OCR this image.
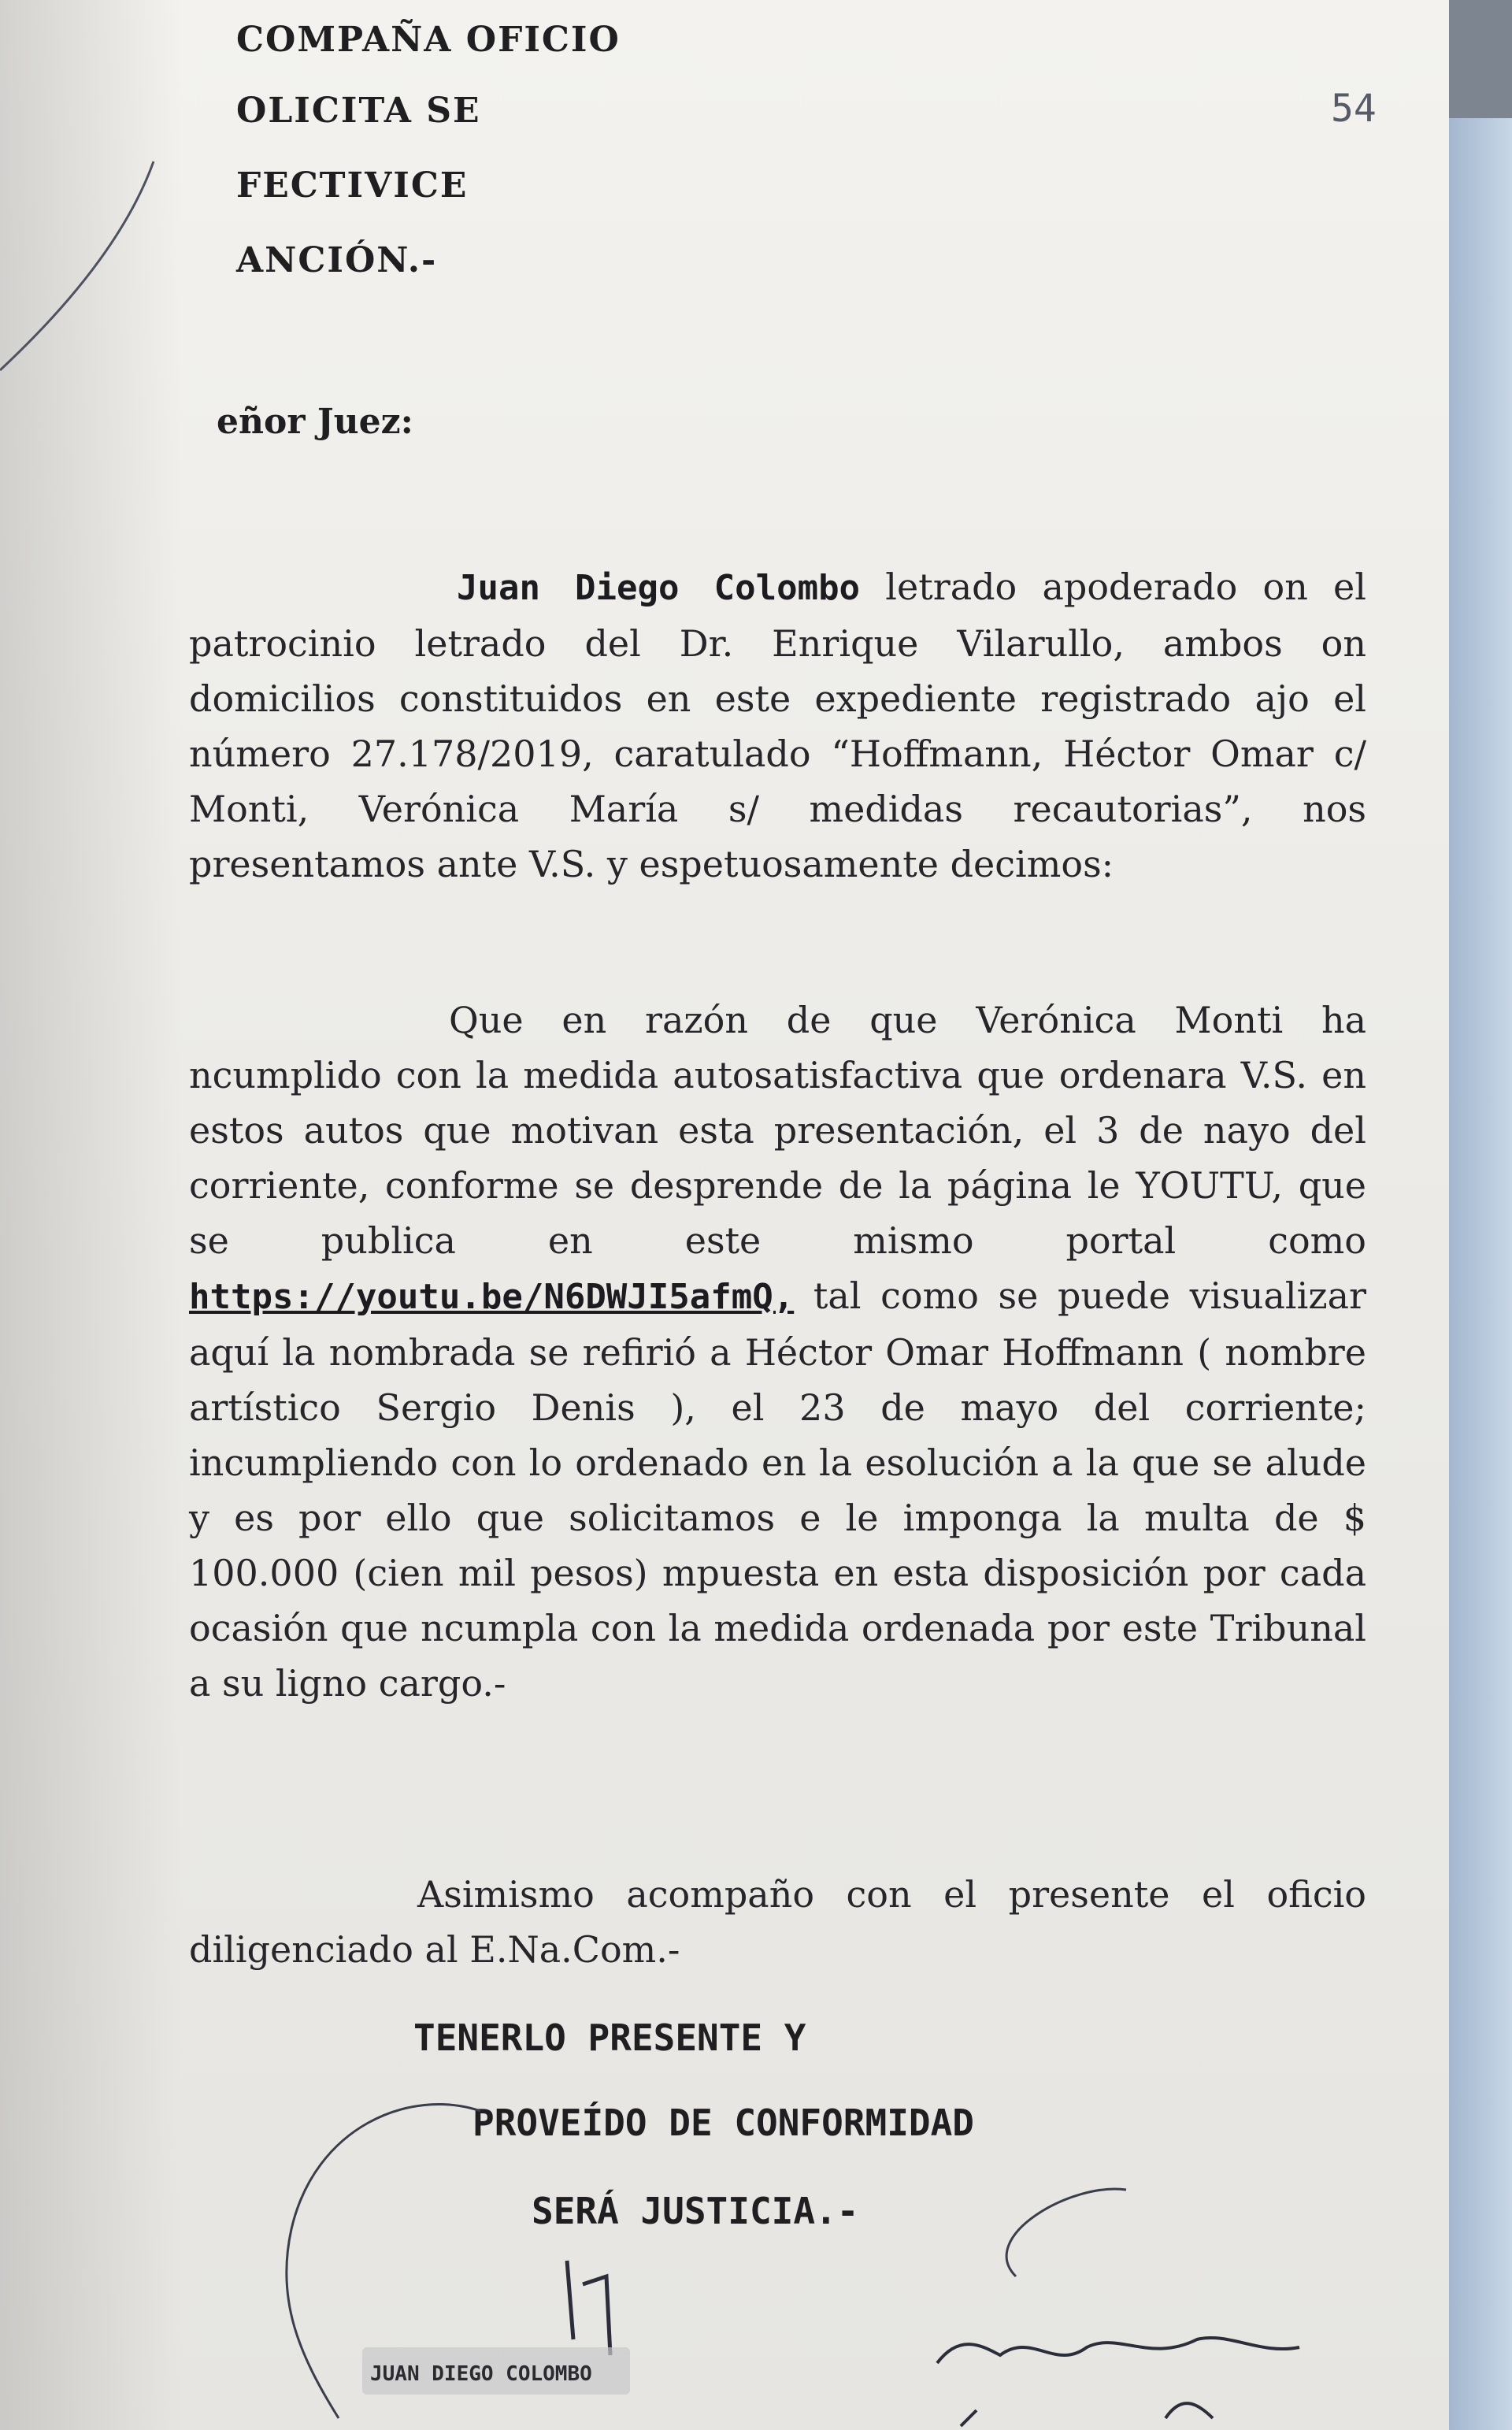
COMPAÑA OFICIO
OLICITA SE
FECTIVICE
ANCIÓN.-
54
eñor Juez:

Juan Diego Colombo letrado apoderado on el patrocinio letrado del Dr. Enrique Vilarullo, ambos on domicilios constituidos en este expediente registrado ajo el número 27.178/2019, caratulado “Hoffmann, Héctor Omar c/ Monti, Verónica María s/ medidas recautorias”, nos presentamos ante V.S. y espetuosamente decimos:

Que en razón de que Verónica Monti ha ncumplido con la medida autosatisfactiva que ordenara V.S. en estos autos que motivan esta presentación, el 3 de nayo del corriente, conforme se desprende de la página le YOUTU, que se publica en este mismo portal como https://youtu.be/N6DWJI5afmQ, tal como se puede visualizar aquí la nombrada se refirió a Héctor Omar Hoffmann ( nombre artístico Sergio Denis ), el 23 de mayo del corriente; incumpliendo con lo ordenado en la esolución a la que se alude y es por ello que solicitamos e le imponga la multa de $ 100.000 (cien mil pesos) mpuesta en esta disposición por cada ocasión que ncumpla con la medida ordenada por este Tribunal a su ligno cargo.-

Asimismo acompaño con el presente el oficio diligenciado al E.Na.Com.-

TENERLO PRESENTE Y
PROVEÍDO DE CONFORMIDAD
SERÁ JUSTICIA.-
JUAN DIEGO COLOMBO
